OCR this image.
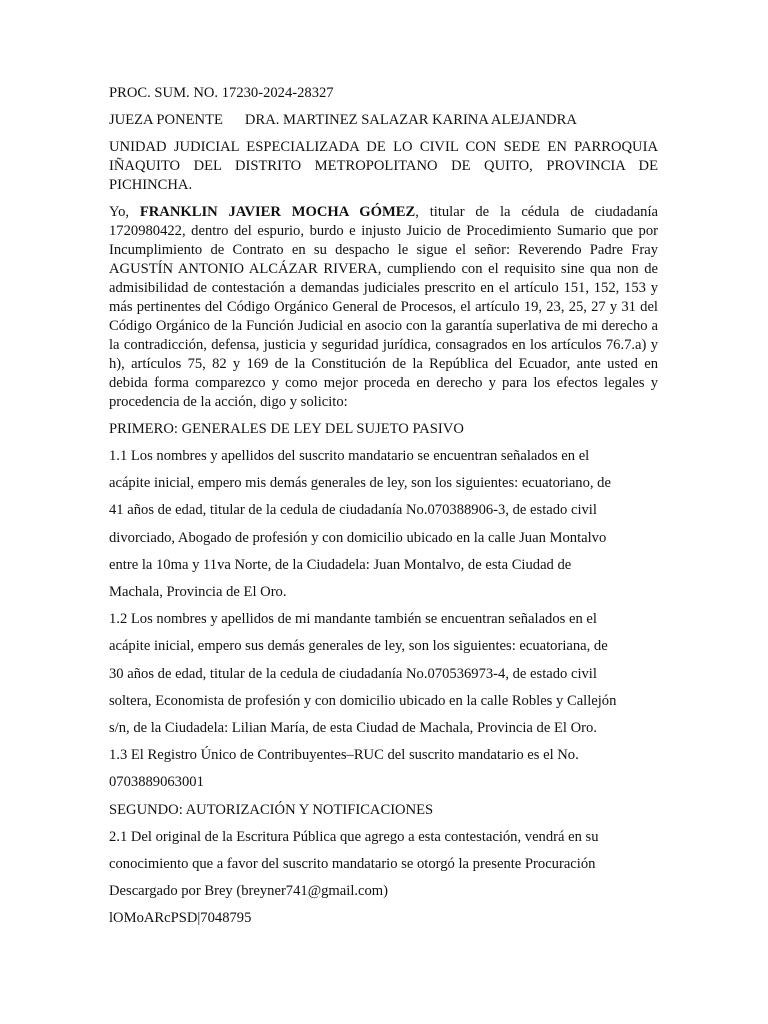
PROC. SUM. NO. 17230-2024-28327

JUEZA PONENTE DRA. MARTINEZ SALAZAR KARINA ALEJANDRA

UNIDAD JUDICIAL ESPECIALIZADA DE LO CIVIL CON SEDE EN PARROQUIA IÑAQUITO DEL DISTRITO METROPOLITANO DE QUITO, PROVINCIA DE PICHINCHA.

Yo, FRANKLIN JAVIER MOCHA GÓMEZ, titular de la cédula de ciudadanía 1720980422, dentro del espurio, burdo e injusto Juicio de Procedimiento Sumario que por Incumplimiento de Contrato en su despacho le sigue el señor: Reverendo Padre Fray AGUSTÍN ANTONIO ALCÁZAR RIVERA, cumpliendo con el requisito sine qua non de admisibilidad de contestación a demandas judiciales prescrito en el artículo 151, 152, 153 y más pertinentes del Código Orgánico General de Procesos, el artículo 19, 23, 25, 27 y 31 del Código Orgánico de la Función Judicial en asocio con la garantía superlativa de mi derecho a la contradicción, defensa, justicia y seguridad jurídica, consagrados en los artículos 76.7.a) y h), artículos 75, 82 y 169 de la Constitución de la República del Ecuador, ante usted en debida forma comparezco y como mejor proceda en derecho y para los efectos legales y procedencia de la acción, digo y solicito:

PRIMERO: GENERALES DE LEY DEL SUJETO PASIVO

1.1 Los nombres y apellidos del suscrito mandatario se encuentran señalados en el

acápite inicial, empero mis demás generales de ley, son los siguientes: ecuatoriano, de

41 años de edad, titular de la cedula de ciudadanía No.070388906-3, de estado civil

divorciado, Abogado de profesión y con domicilio ubicado en la calle Juan Montalvo

entre la 10ma y 11va Norte, de la Ciudadela: Juan Montalvo, de esta Ciudad de

Machala, Provincia de El Oro.

1.2 Los nombres y apellidos de mi mandante también se encuentran señalados en el

acápite inicial, empero sus demás generales de ley, son los siguientes: ecuatoriana, de

30 años de edad, titular de la cedula de ciudadanía No.070536973-4, de estado civil

soltera, Economista de profesión y con domicilio ubicado en la calle Robles y Callejón

s/n, de la Ciudadela: Lilian María, de esta Ciudad de Machala, Provincia de El Oro.

1.3 El Registro Único de Contribuyentes–RUC del suscrito mandatario es el No.

0703889063001

SEGUNDO: AUTORIZACIÓN Y NOTIFICACIONES

2.1 Del original de la Escritura Pública que agrego a esta contestación, vendrá en su

conocimiento que a favor del suscrito mandatario se otorgó la presente Procuración

Descargado por Brey (breyner741@gmail.com)

lOMoARcPSD|7048795
